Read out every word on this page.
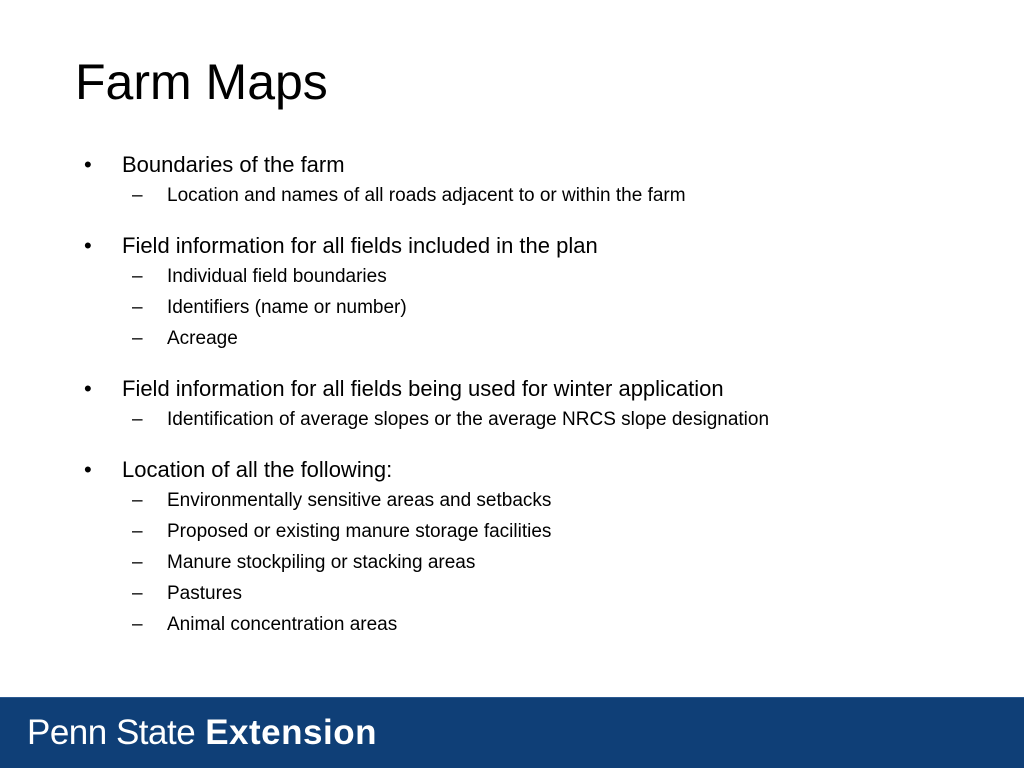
Farm Maps
•	Boundaries of the farm
–	Location and names of all roads adjacent to or within the farm
•	Field information for all fields included in the plan
–	Individual field boundaries
–	Identifiers (name or number)
–	Acreage
•	Field information for all fields being used for winter application
–	Identification of average slopes or the average NRCS slope designation
•	Location of all the following:
–	Environmentally sensitive areas and setbacks
–	Proposed or existing manure storage facilities
–	Manure stockpiling or stacking areas
–	Pastures
–	Animal concentration areas
Penn State Extension
